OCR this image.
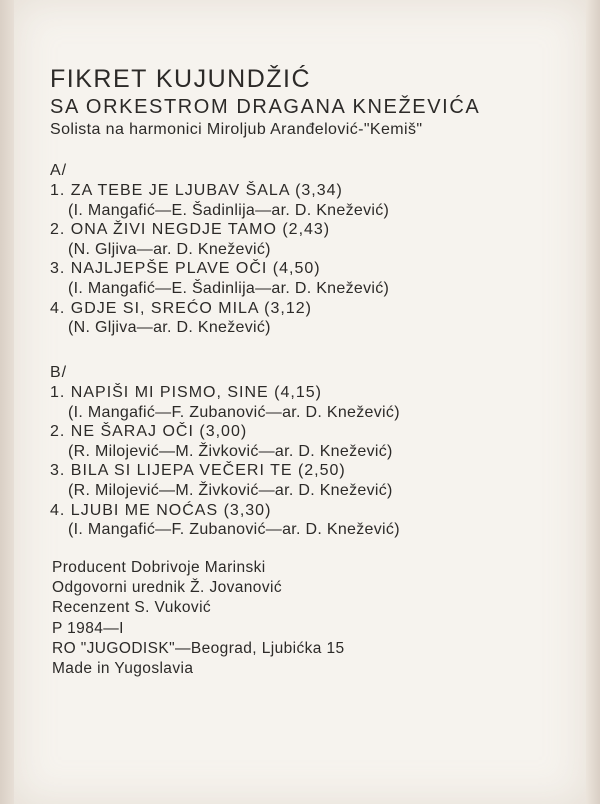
FIKRET KUJUNDŽIĆ
SA ORKESTROM DRAGANA KNEŽEVIĆA
Solista na harmonici Miroljub Aranđelović-"Kemiš"
A/
1. ZA TEBE JE LJUBAV ŠALA (3,34)
(I. Mangafić—E. Šadinlija—ar. D. Knežević)
2. ONA ŽIVI NEGDJE TAMO (2,43)
(N. Gljiva—ar. D. Knežević)
3. NAJLJEPŠE PLAVE OČI (4,50)
(I. Mangafić—E. Šadinlija—ar. D. Knežević)
4. GDJE SI, SREĆO MILA (3,12)
(N. Gljiva—ar. D. Knežević)
B/
1. NAPIŠI MI PISMO, SINE (4,15)
(I. Mangafić—F. Zubanović—ar. D. Knežević)
2. NE ŠARAJ OČI (3,00)
(R. Milojević—M. Živković—ar. D. Knežević)
3. BILA SI LIJEPA VEČERI TE (2,50)
(R. Milojević—M. Živković—ar. D. Knežević)
4. LJUBI ME NOĆAS (3,30)
(I. Mangafić—F. Zubanović—ar. D. Knežević)
Producent Dobrivoje Marinski
Odgovorni urednik Ž. Jovanović
Recenzent S. Vuković
P 1984—I
RO "JUGODISK"—Beograd, Ljubićka 15
Made in Yugoslavia
